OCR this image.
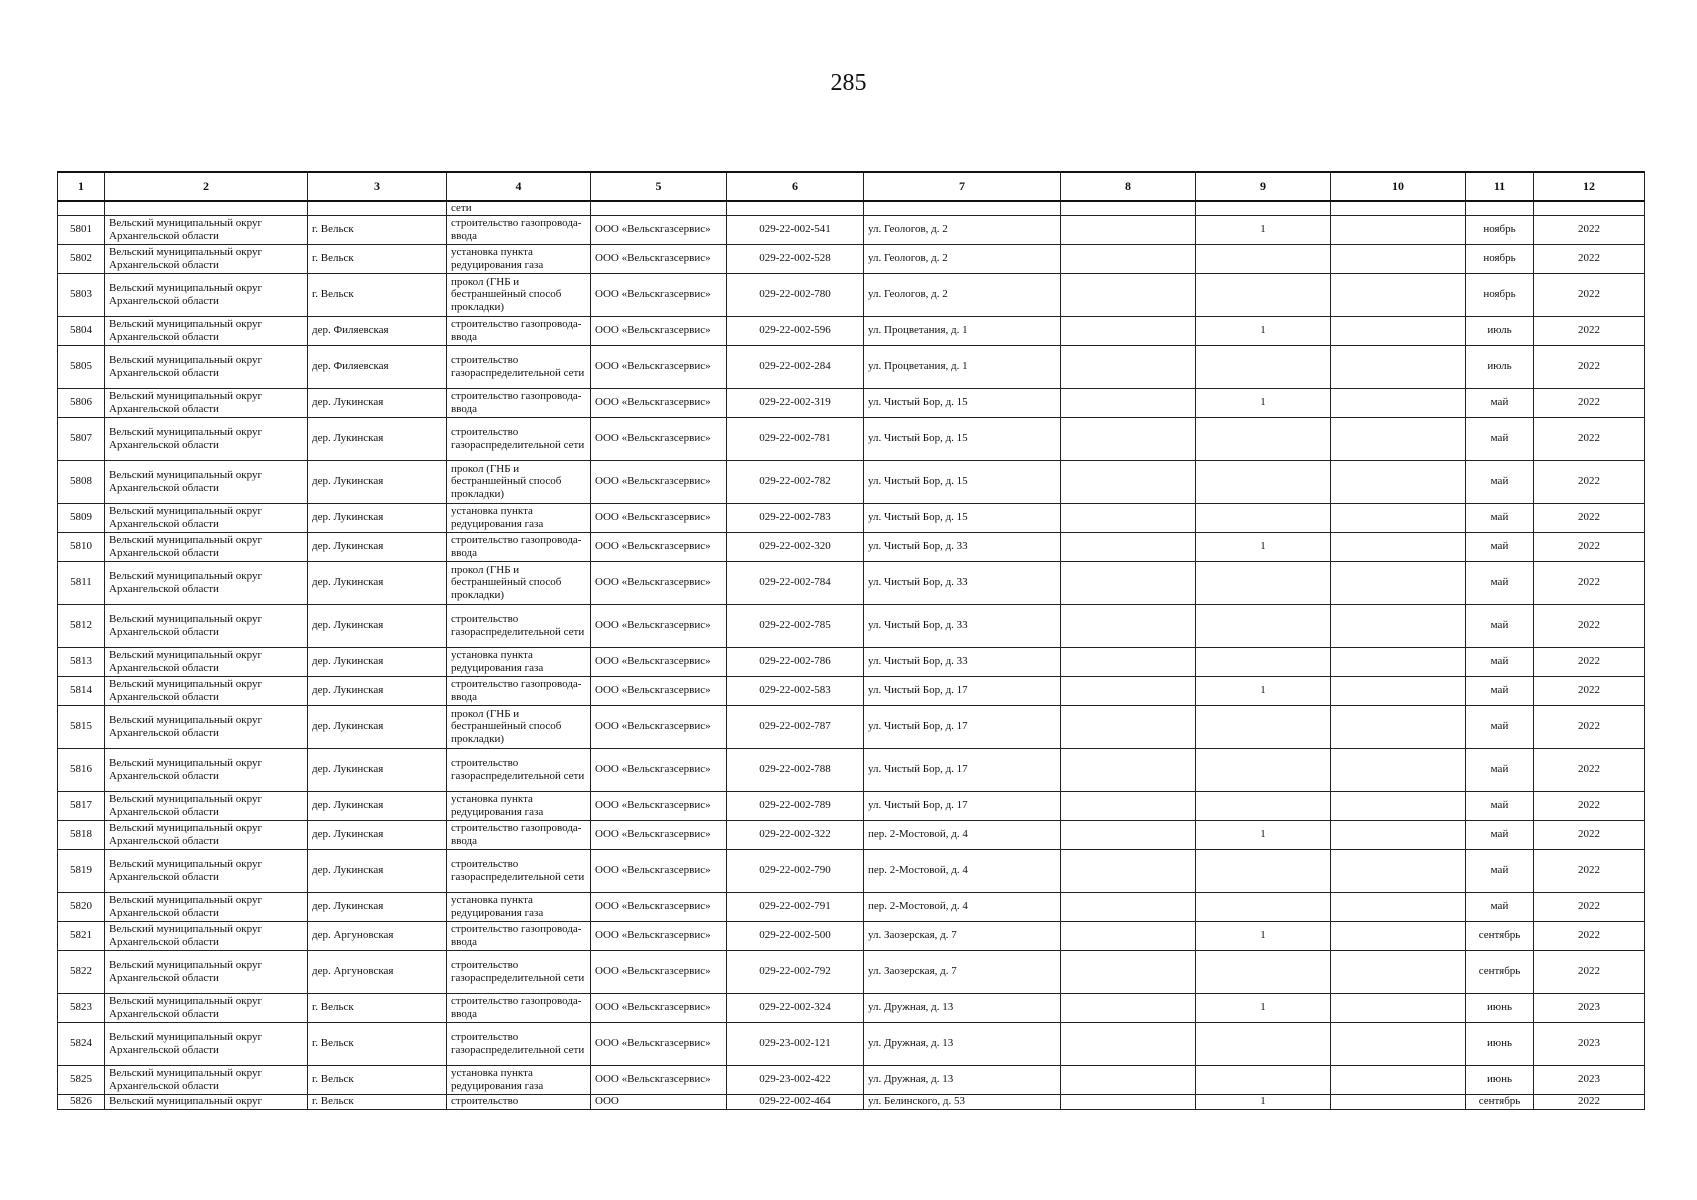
285
1	2	3	4	5	6	7	8	9	10	11	12
			сети								
5801	Вельский муниципальный округ Архангельской области	г. Вельск	строительство газопровода-ввода	ООО «Вельскгазсервис»	029-22-002-541	ул. Геологов, д. 2		1		ноябрь	2022
5802	Вельский муниципальный округ Архангельской области	г. Вельск	установка пункта редуцирования газа	ООО «Вельскгазсервис»	029-22-002-528	ул. Геологов, д. 2				ноябрь	2022
5803	Вельский муниципальный округ Архангельской области	г. Вельск	прокол (ГНБ и бестраншейный способ прокладки)	ООО «Вельскгазсервис»	029-22-002-780	ул. Геологов, д. 2				ноябрь	2022
5804	Вельский муниципальный округ Архангельской области	дер. Филяевская	строительство газопровода-ввода	ООО «Вельскгазсервис»	029-22-002-596	ул. Процветания, д. 1		1		июль	2022
5805	Вельский муниципальный округ Архангельской области	дер. Филяевская	строительство газораспределительной сети	ООО «Вельскгазсервис»	029-22-002-284	ул. Процветания, д. 1				июль	2022
5806	Вельский муниципальный округ Архангельской области	дер. Лукинская	строительство газопровода-ввода	ООО «Вельскгазсервис»	029-22-002-319	ул. Чистый Бор, д. 15		1		май	2022
5807	Вельский муниципальный округ Архангельской области	дер. Лукинская	строительство газораспределительной сети	ООО «Вельскгазсервис»	029-22-002-781	ул. Чистый Бор, д. 15				май	2022
5808	Вельский муниципальный округ Архангельской области	дер. Лукинская	прокол (ГНБ и бестраншейный способ прокладки)	ООО «Вельскгазсервис»	029-22-002-782	ул. Чистый Бор, д. 15				май	2022
5809	Вельский муниципальный округ Архангельской области	дер. Лукинская	установка пункта редуцирования газа	ООО «Вельскгазсервис»	029-22-002-783	ул. Чистый Бор, д. 15				май	2022
5810	Вельский муниципальный округ Архангельской области	дер. Лукинская	строительство газопровода-ввода	ООО «Вельскгазсервис»	029-22-002-320	ул. Чистый Бор, д. 33		1		май	2022
5811	Вельский муниципальный округ Архангельской области	дер. Лукинская	прокол (ГНБ и бестраншейный способ прокладки)	ООО «Вельскгазсервис»	029-22-002-784	ул. Чистый Бор, д. 33				май	2022
5812	Вельский муниципальный округ Архангельской области	дер. Лукинская	строительство газораспределительной сети	ООО «Вельскгазсервис»	029-22-002-785	ул. Чистый Бор, д. 33				май	2022
5813	Вельский муниципальный округ Архангельской области	дер. Лукинская	установка пункта редуцирования газа	ООО «Вельскгазсервис»	029-22-002-786	ул. Чистый Бор, д. 33				май	2022
5814	Вельский муниципальный округ Архангельской области	дер. Лукинская	строительство газопровода-ввода	ООО «Вельскгазсервис»	029-22-002-583	ул. Чистый Бор, д. 17		1		май	2022
5815	Вельский муниципальный округ Архангельской области	дер. Лукинская	прокол (ГНБ и бестраншейный способ прокладки)	ООО «Вельскгазсервис»	029-22-002-787	ул. Чистый Бор, д. 17				май	2022
5816	Вельский муниципальный округ Архангельской области	дер. Лукинская	строительство газораспределительной сети	ООО «Вельскгазсервис»	029-22-002-788	ул. Чистый Бор, д. 17				май	2022
5817	Вельский муниципальный округ Архангельской области	дер. Лукинская	установка пункта редуцирования газа	ООО «Вельскгазсервис»	029-22-002-789	ул. Чистый Бор, д. 17				май	2022
5818	Вельский муниципальный округ Архангельской области	дер. Лукинская	строительство газопровода-ввода	ООО «Вельскгазсервис»	029-22-002-322	пер. 2-Мостовой, д. 4		1		май	2022
5819	Вельский муниципальный округ Архангельской области	дер. Лукинская	строительство газораспределительной сети	ООО «Вельскгазсервис»	029-22-002-790	пер. 2-Мостовой, д. 4				май	2022
5820	Вельский муниципальный округ Архангельской области	дер. Лукинская	установка пункта редуцирования газа	ООО «Вельскгазсервис»	029-22-002-791	пер. 2-Мостовой, д. 4				май	2022
5821	Вельский муниципальный округ Архангельской области	дер. Аргуновская	строительство газопровода-ввода	ООО «Вельскгазсервис»	029-22-002-500	ул. Заозерская, д. 7		1		сентябрь	2022
5822	Вельский муниципальный округ Архангельской области	дер. Аргуновская	строительство газораспределительной сети	ООО «Вельскгазсервис»	029-22-002-792	ул. Заозерская, д. 7				сентябрь	2022
5823	Вельский муниципальный округ Архангельской области	г. Вельск	строительство газопровода-ввода	ООО «Вельскгазсервис»	029-22-002-324	ул. Дружная, д. 13		1		июнь	2023
5824	Вельский муниципальный округ Архангельской области	г. Вельск	строительство газораспределительной сети	ООО «Вельскгазсервис»	029-23-002-121	ул. Дружная, д. 13				июнь	2023
5825	Вельский муниципальный округ Архангельской области	г. Вельск	установка пункта редуцирования газа	ООО «Вельскгазсервис»	029-23-002-422	ул. Дружная, д. 13				июнь	2023
5826	Вельский муниципальный округ	г. Вельск	строительство	ООО	029-22-002-464	ул. Белинского, д. 53		1		сентябрь	2022
